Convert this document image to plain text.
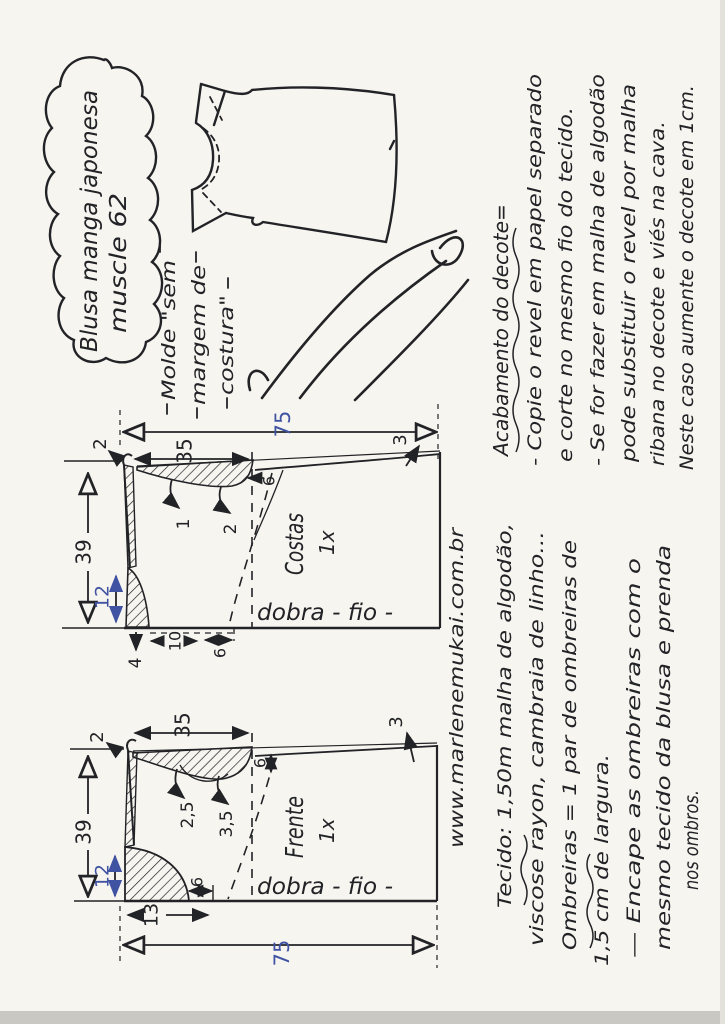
Blusa manga japonesa muscle 62
Molde "sem margem de costura"
75
35
2	3
39
12
1 2
6
4
10
6
Costas 1x
dobra - fio -
35
2
3
39
12
2,5 3,5
6
6
13
75
Frente 1x
dobra - fio -
www.marlenemukai.com.br
Acabamento do decote= - Copie o revel em papel separado e corte no mesmo fio do tecido. - Se for fazer em malha de algodão pode substituir o revel por malha ribana no decote e viés na cava. Neste caso aumente o decote em 1cm.
Tecido: 1,50m malha de algodão, viscose rayon, cambraia de linho... Ombreiras = 1 par de ombreiras de 1,5 cm de largura. — Encape as ombreiras com o mesmo tecido da blusa e prenda nos ombros.
